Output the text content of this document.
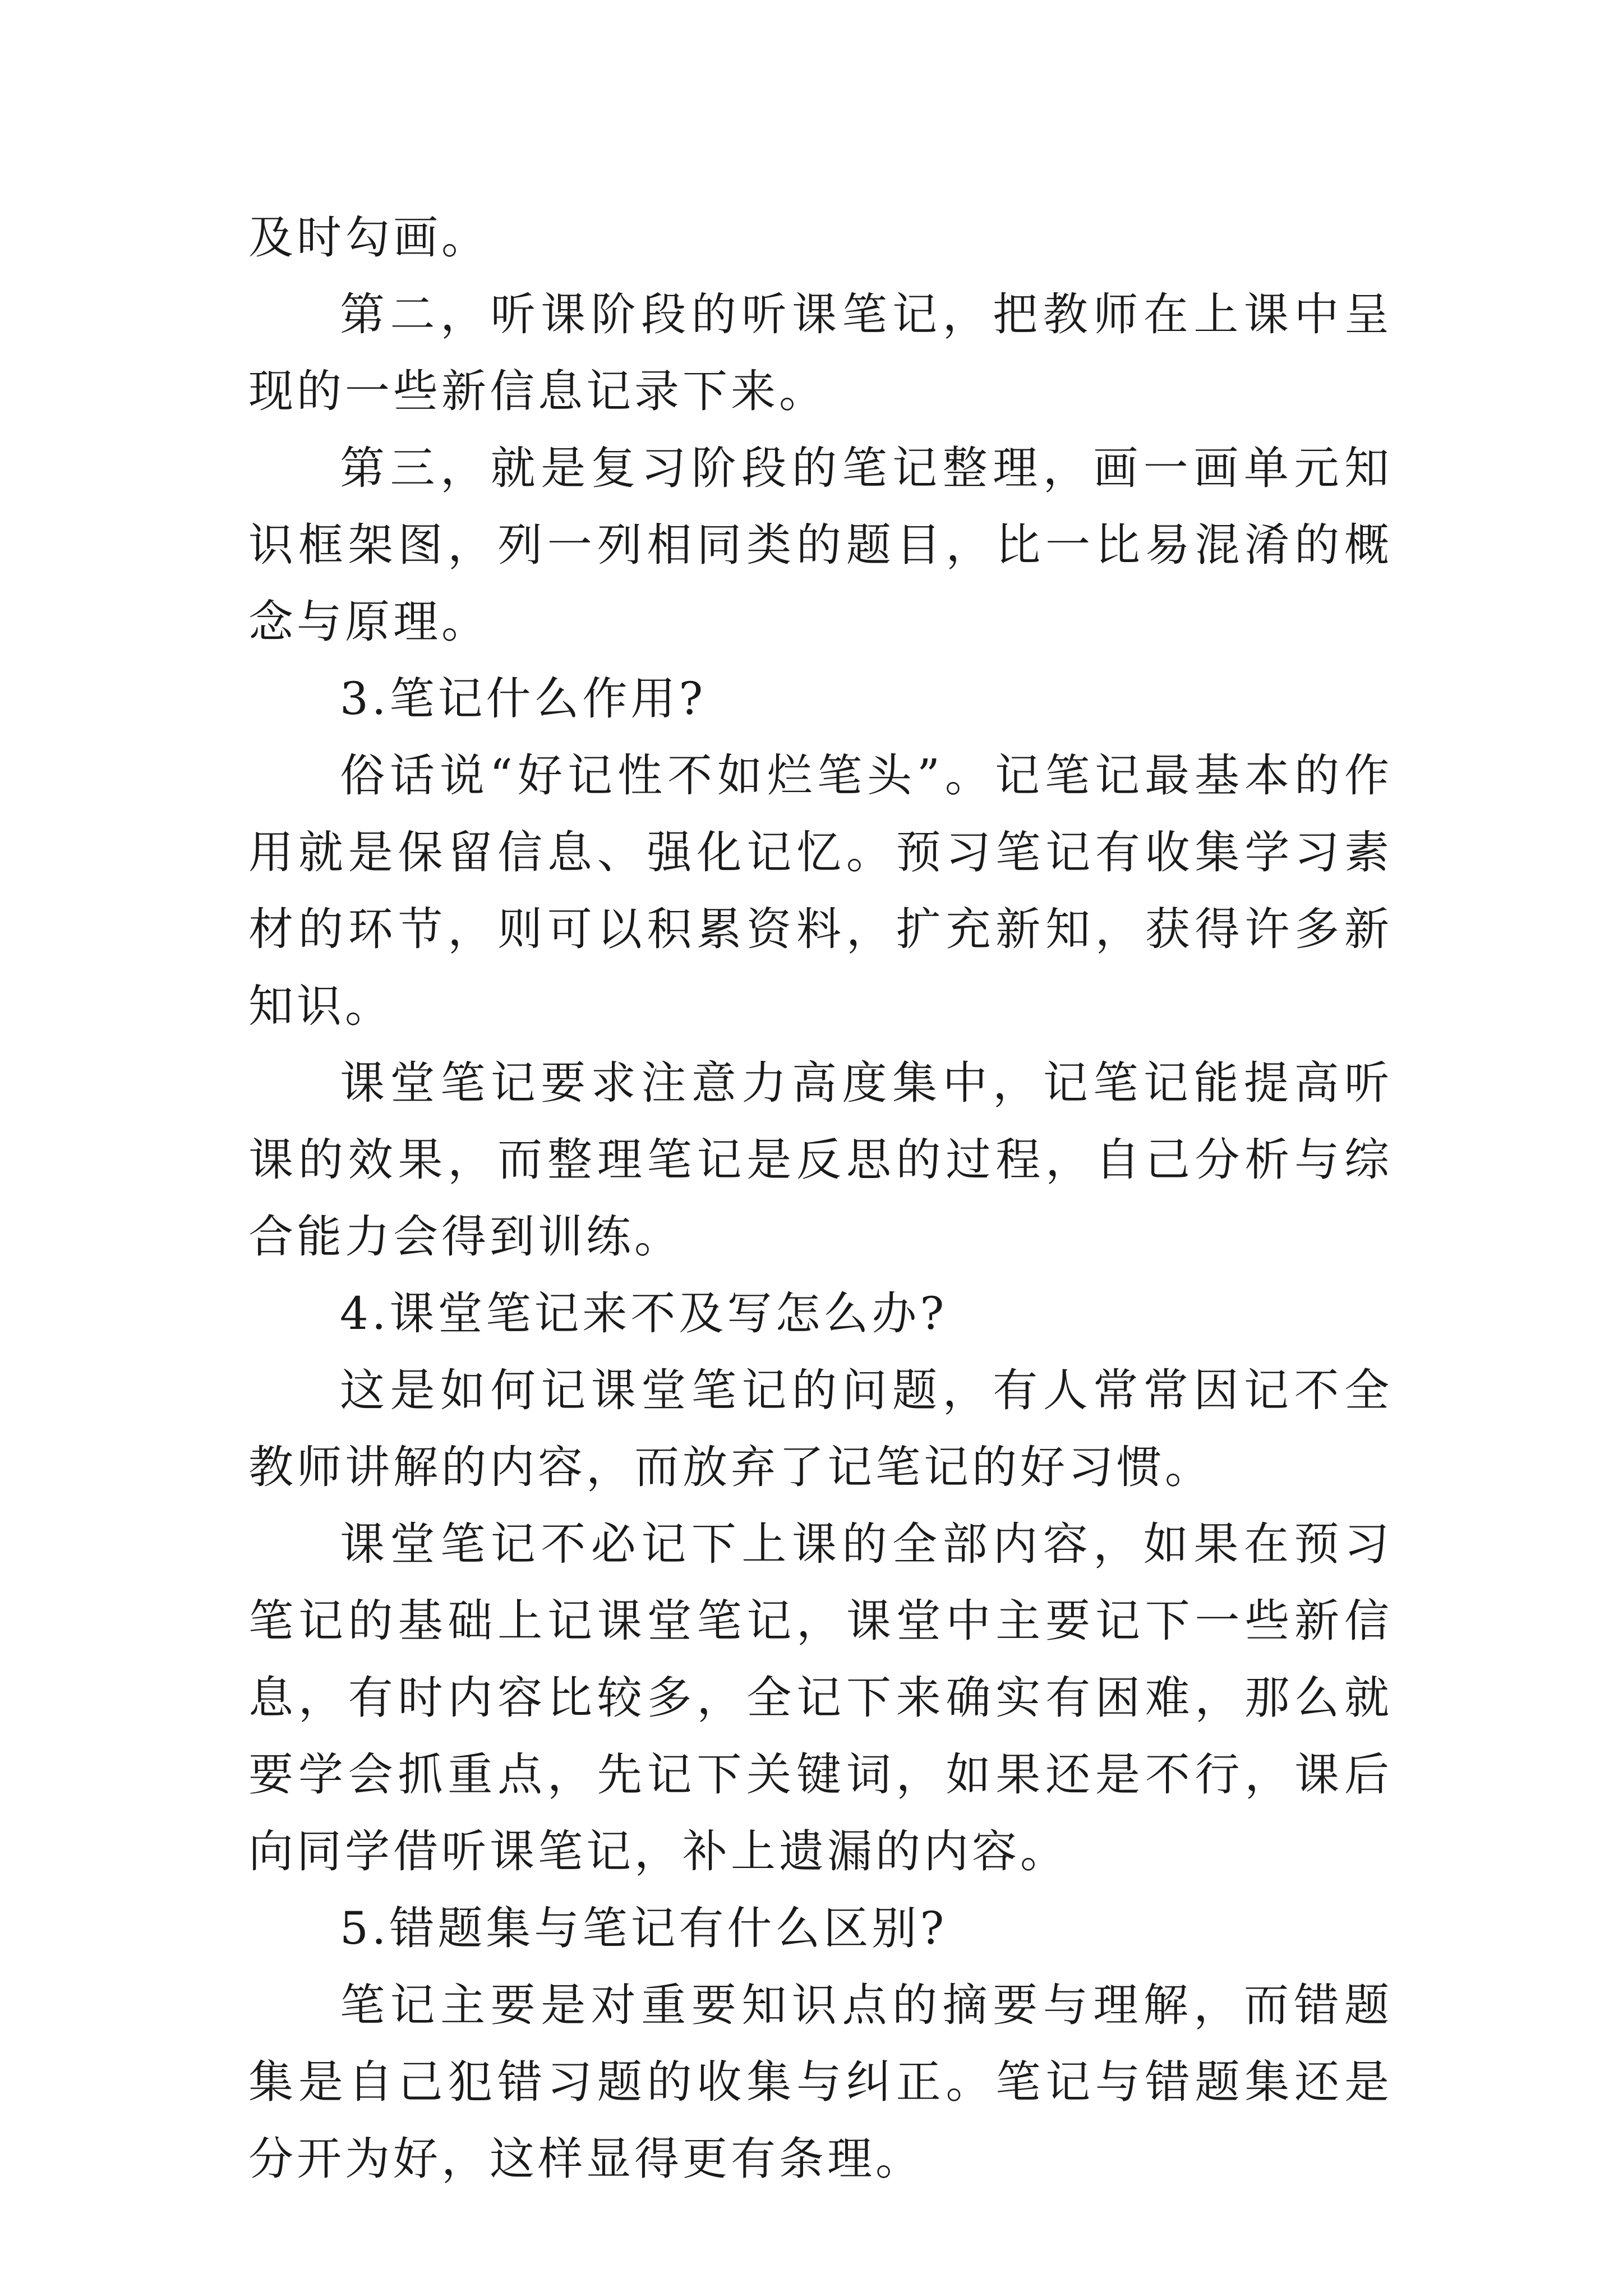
及时勾画。

第二，听课阶段的听课笔记，把教师在上课中呈现的一些新信息记录下来。

第三，就是复习阶段的笔记整理，画一画单元知识框架图，列一列相同类的题目，比一比易混淆的概念与原理。

3.笔记什么作用?

俗话说“好记性不如烂笔头”。记笔记最基本的作用就是保留信息、强化记忆。预习笔记有收集学习素材的环节，则可以积累资料，扩充新知，获得许多新知识。

课堂笔记要求注意力高度集中，记笔记能提高听课的效果，而整理笔记是反思的过程，自己分析与综合能力会得到训练。

4.课堂笔记来不及写怎么办?

这是如何记课堂笔记的问题，有人常常因记不全教师讲解的内容，而放弃了记笔记的好习惯。

课堂笔记不必记下上课的全部内容，如果在预习笔记的基础上记课堂笔记，课堂中主要记下一些新信息，有时内容比较多，全记下来确实有困难，那么就要学会抓重点，先记下关键词，如果还是不行，课后向同学借听课笔记，补上遗漏的内容。

5.错题集与笔记有什么区别?

笔记主要是对重要知识点的摘要与理解，而错题集是自己犯错习题的收集与纠正。笔记与错题集还是分开为好，这样显得更有条理。
